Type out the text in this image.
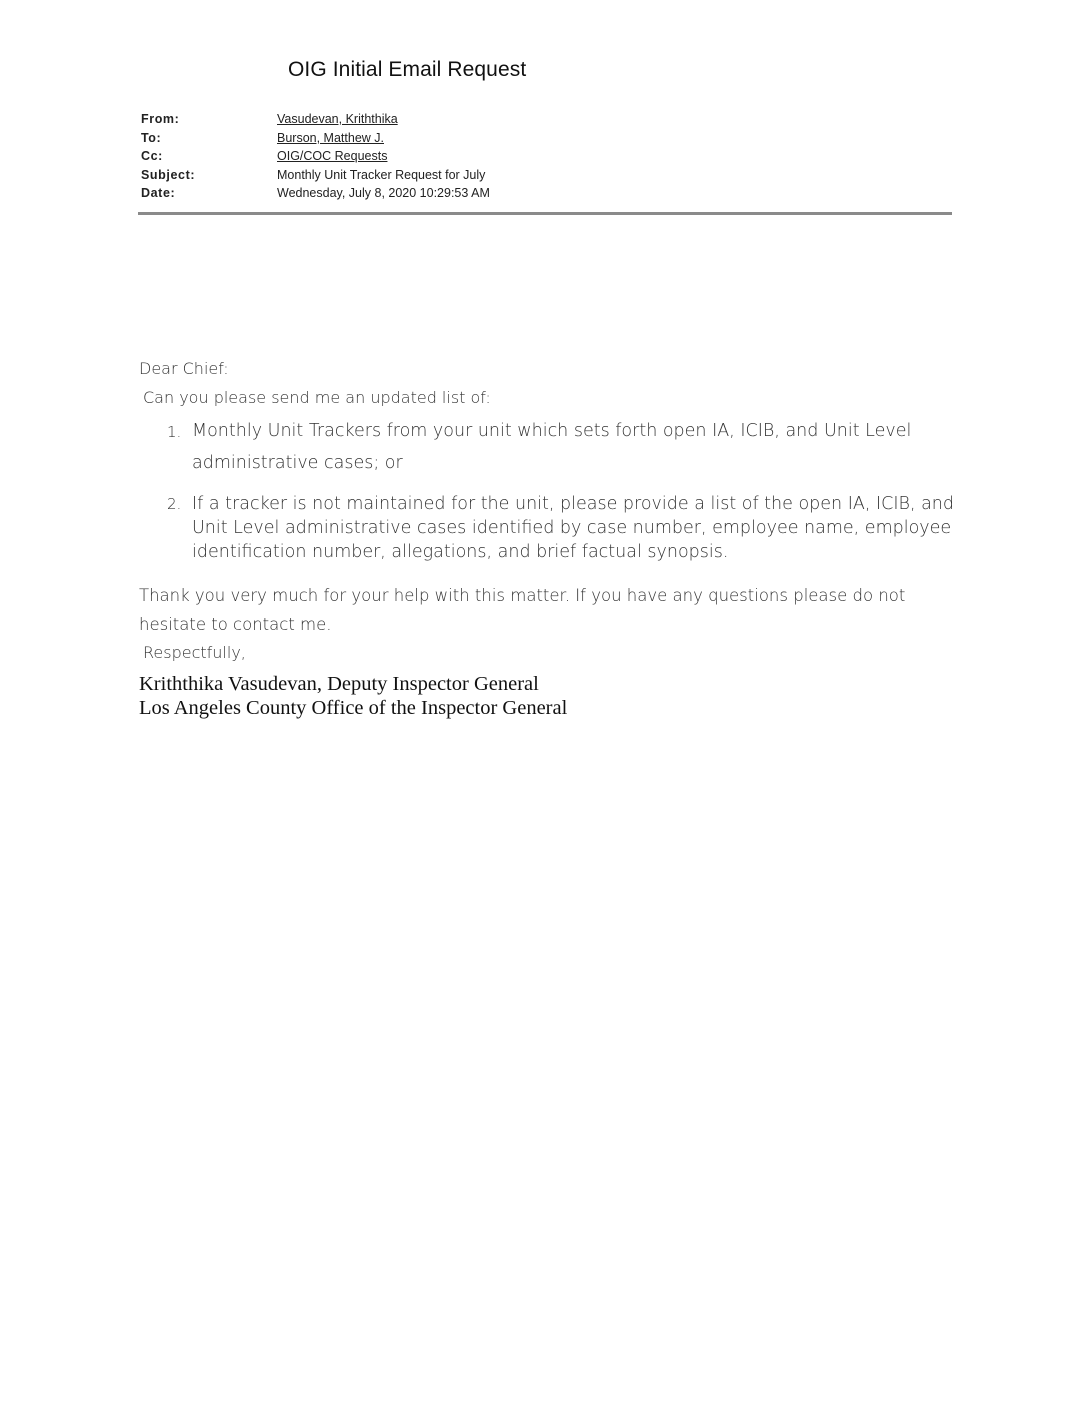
OIG Initial Email Request
From:	Vasudevan, Kriththika
To:	Burson, Matthew J.
Cc:	OIG/COC Requests
Subject:	Monthly Unit Tracker Request for July
Date:	Wednesday, July 8, 2020 10:29:53 AM

Dear Chief:

Can you please send me an updated list of:

1. Monthly Unit Trackers from your unit which sets forth open IA, ICIB, and Unit Level administrative cases; or
2. If a tracker is not maintained for the unit, please provide a list of the open IA, ICIB, and Unit Level administrative cases identified by case number, employee name, employee identification number, allegations, and brief factual synopsis.

Thank you very much for your help with this matter. If you have any questions please do not hesitate to contact me.

Respectfully,

Kriththika Vasudevan, Deputy Inspector General
Los Angeles County Office of the Inspector General
